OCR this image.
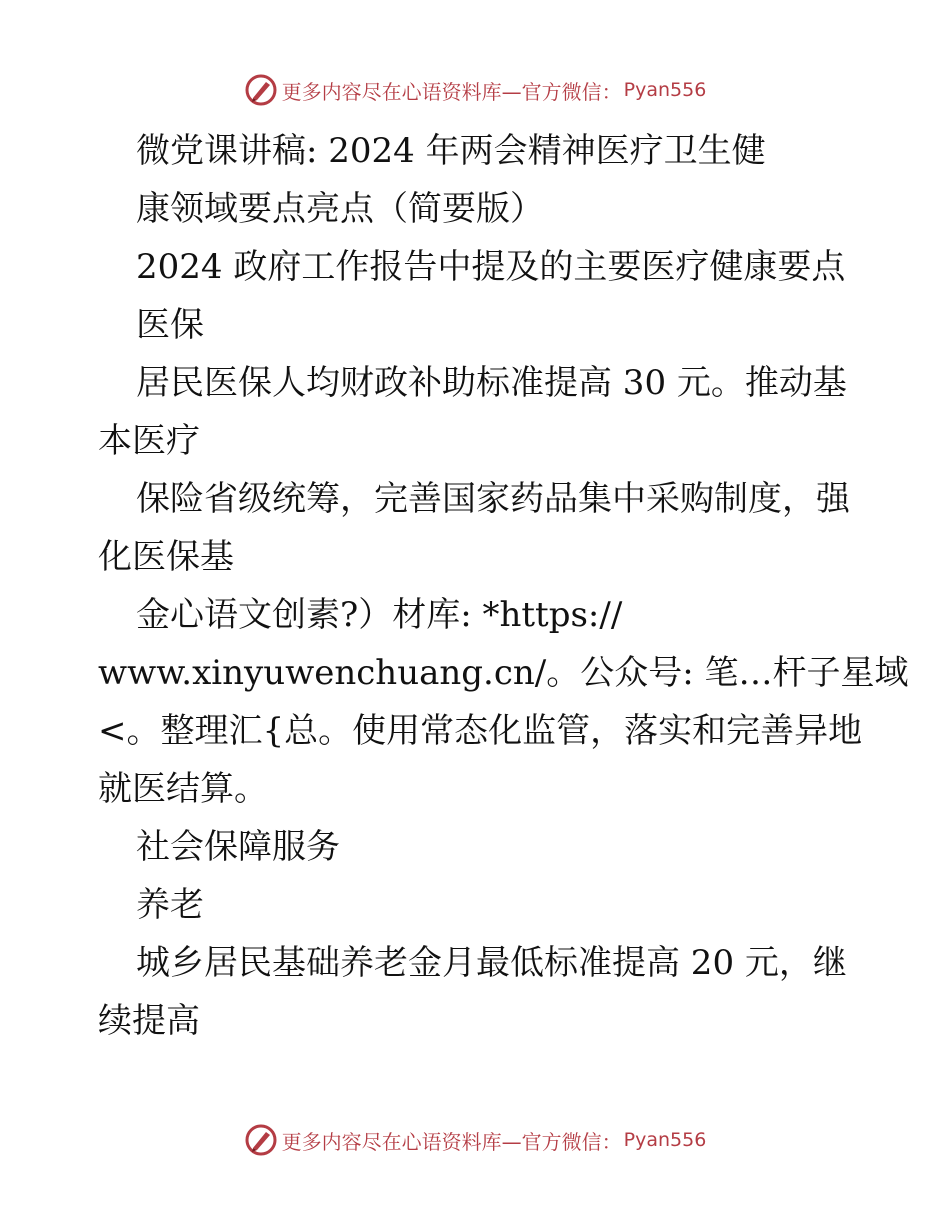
更多内容尽在心语资料库—官方微信： Pyan556
微党课讲稿: 2024 年两会精神医疗卫生健
康领域要点亮点（简要版）
2024 政府工作报告中提及的主要医疗健康要点
医保
居民医保人均财政补助标准提高 30 元。推动基
本医疗
保险省级统筹，完善国家药品集中采购制度，强
化医保基
金心语文创素?）材库: *https://
www.xinyuwenchuang.cn/。公众号: 笔…杆子星域
<。整理汇{总。使用常态化监管，落实和完善异地
就医结算。
社会保障服务
养老
城乡居民基础养老金月最低标准提高 20 元，继
续提高
更多内容尽在心语资料库—官方微信： Pyan556
